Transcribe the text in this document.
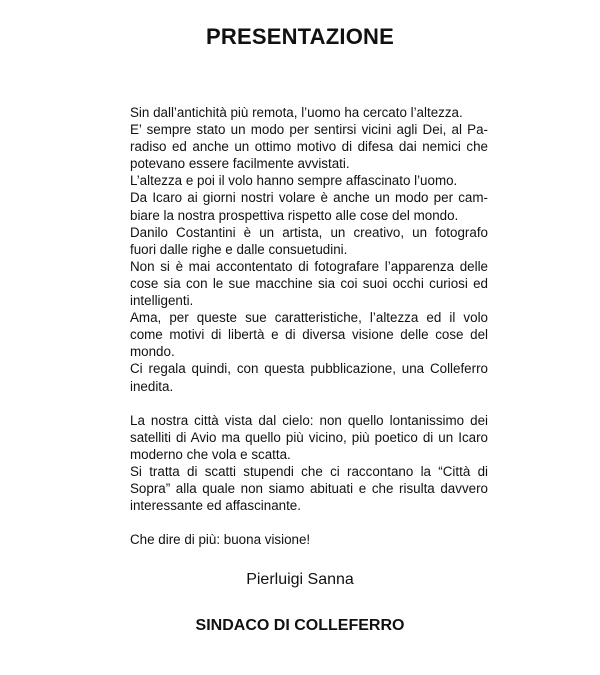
PRESENTAZIONE
Sin dall’antichità più remota, l’uomo ha cercato l’altezza.
E’ sempre stato un modo per sentirsi vicini agli Dei, al Pa-
radiso ed anche un ottimo motivo di difesa dai nemici che
potevano essere facilmente avvistati.
L’altezza e poi il volo hanno sempre affascinato l’uomo.
Da Icaro ai giorni nostri volare è anche un modo per cam-
biare la nostra prospettiva rispetto alle cose del mondo.
Danilo Costantini è un artista, un creativo, un fotografo
fuori dalle righe e dalle consuetudini.
Non si è mai accontentato di fotografare l’apparenza delle
cose sia con le sue macchine sia coi suoi occhi curiosi ed
intelligenti.
Ama, per queste sue caratteristiche, l’altezza ed il volo
come motivi di libertà e di diversa visione delle cose del
mondo.
Ci regala quindi, con questa pubblicazione, una Colleferro
inedita.
La nostra città vista dal cielo: non quello lontanissimo dei
satelliti di Avio ma quello più vicino, più poetico di un Icaro
moderno che vola e scatta.
Si tratta di scatti stupendi che ci raccontano la “Città di
Sopra” alla quale non siamo abituati e che risulta davvero
interessante ed affascinante.
Che dire di più: buona visione!
Pierluigi Sanna
SINDACO DI COLLEFERRO
